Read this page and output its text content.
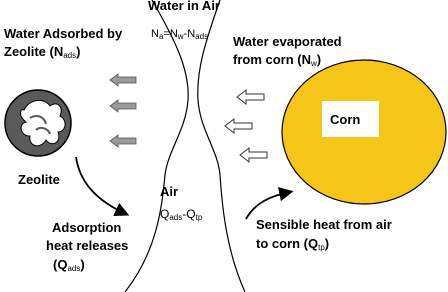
Water in Air
Na=Nw-Nads
Water Adsorbed by Zeolite (Nads)
Water evaporated from corn (Nw)
Corn
Zeolite
Air
Qads-Qtp
Adsorption heat releases (Qads)
Sensible heat from air to corn (Qtp)
